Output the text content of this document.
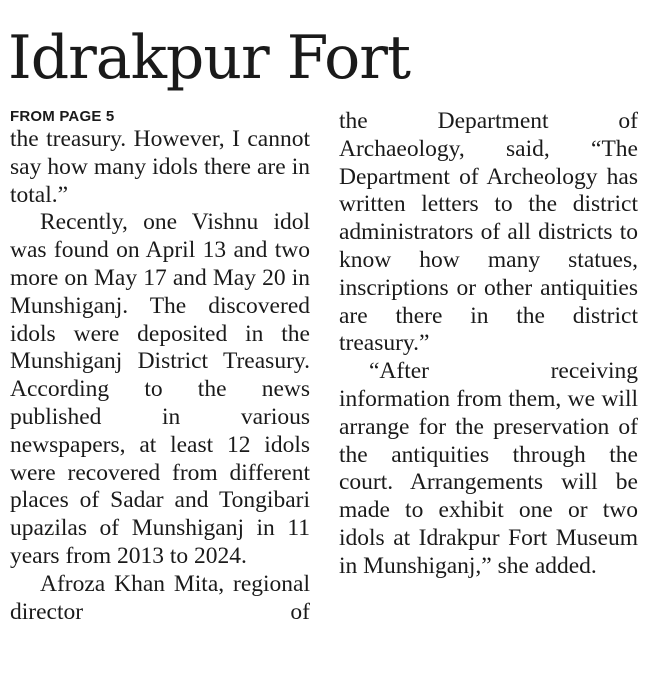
Idrakpur Fort
FROM PAGE 5

the treasury. However, I cannot say how many idols there are in total.”

Recently, one Vishnu idol was found on April 13 and two more on May 17 and May 20 in Munshiganj. The discovered idols were deposited in the Munshiganj District Treasury. According to the news published in various newspapers, at least 12 idols were recovered from different places of Sadar and Tongibari upazilas of Munshiganj in 11 years from 2013 to 2024.

Afroza Khan Mita, regional director of

the Department of Archaeology, said, “The Department of Archeology has written letters to the district administrators of all districts to know how many statues, inscriptions or other antiquities are there in the district treasury.”

“After receiving information from them, we will arrange for the preservation of the antiquities through the court. Arrangements will be made to exhibit one or two idols at Idrakpur Fort Museum in Munshiganj,” she added.
